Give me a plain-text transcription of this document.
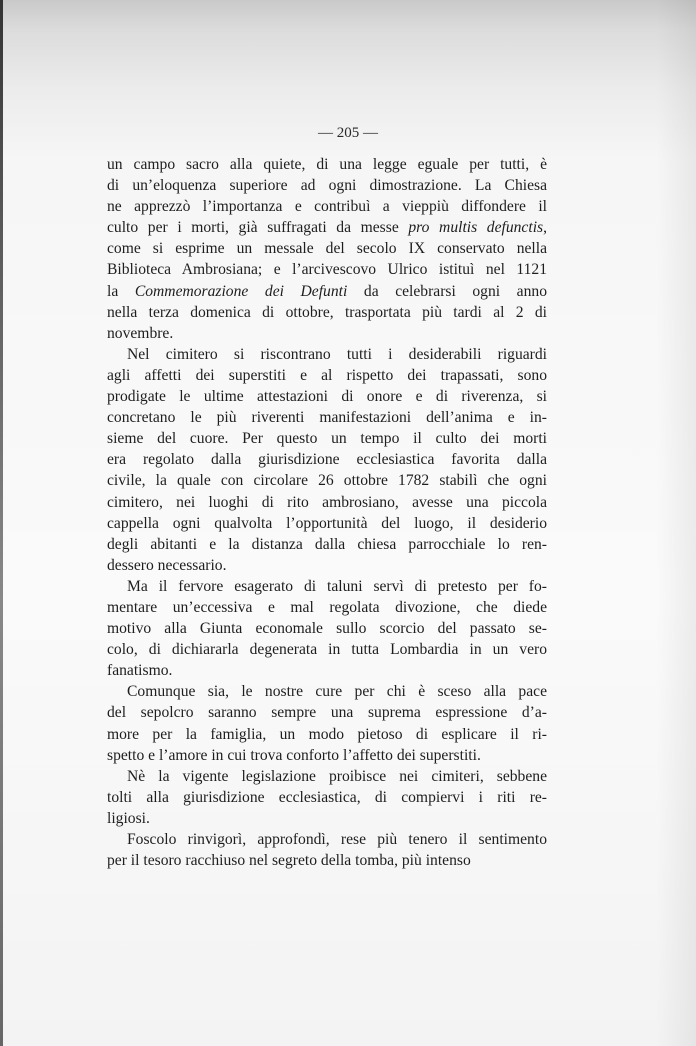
— 205 —
un campo sacro alla quiete, di una legge eguale per tutti, è
di un’eloquenza superiore ad ogni dimostrazione. La Chiesa
ne apprezzò l’importanza e contribuì a vieppiù diffondere il
culto per i morti, già suffragati da messe pro multis defunctis,
come si esprime un messale del secolo IX conservato nella
Biblioteca Ambrosiana; e l’arcivescovo Ulrico istituì nel 1121
la Commemorazione dei Defunti da celebrarsi ogni anno
nella terza domenica di ottobre, trasportata più tardi al 2 di
novembre.
Nel cimitero si riscontrano tutti i desiderabili riguardi
agli affetti dei superstiti e al rispetto dei trapassati, sono
prodigate le ultime attestazioni di onore e di riverenza, si
concretano le più riverenti manifestazioni dell’anima e in-
sieme del cuore. Per questo un tempo il culto dei morti
era regolato dalla giurisdizione ecclesiastica favorita dalla
civile, la quale con circolare 26 ottobre 1782 stabilì che ogni
cimitero, nei luoghi di rito ambrosiano, avesse una piccola
cappella ogni qualvolta l’opportunità del luogo, il desiderio
degli abitanti e la distanza dalla chiesa parrocchiale lo ren-
dessero necessario.
Ma il fervore esagerato di taluni servì di pretesto per fo-
mentare un’eccessiva e mal regolata divozione, che diede
motivo alla Giunta economale sullo scorcio del passato se-
colo, di dichiararla degenerata in tutta Lombardia in un vero
fanatismo.
Comunque sia, le nostre cure per chi è sceso alla pace
del sepolcro saranno sempre una suprema espressione d’a-
more per la famiglia, un modo pietoso di esplicare il ri-
spetto e l’amore in cui trova conforto l’affetto dei superstiti.
Nè la vigente legislazione proibisce nei cimiteri, sebbene
tolti alla giurisdizione ecclesiastica, di compiervi i riti re-
ligiosi.
Foscolo rinvigorì, approfondì, rese più tenero il sentimento
per il tesoro racchiuso nel segreto della tomba, più intenso
